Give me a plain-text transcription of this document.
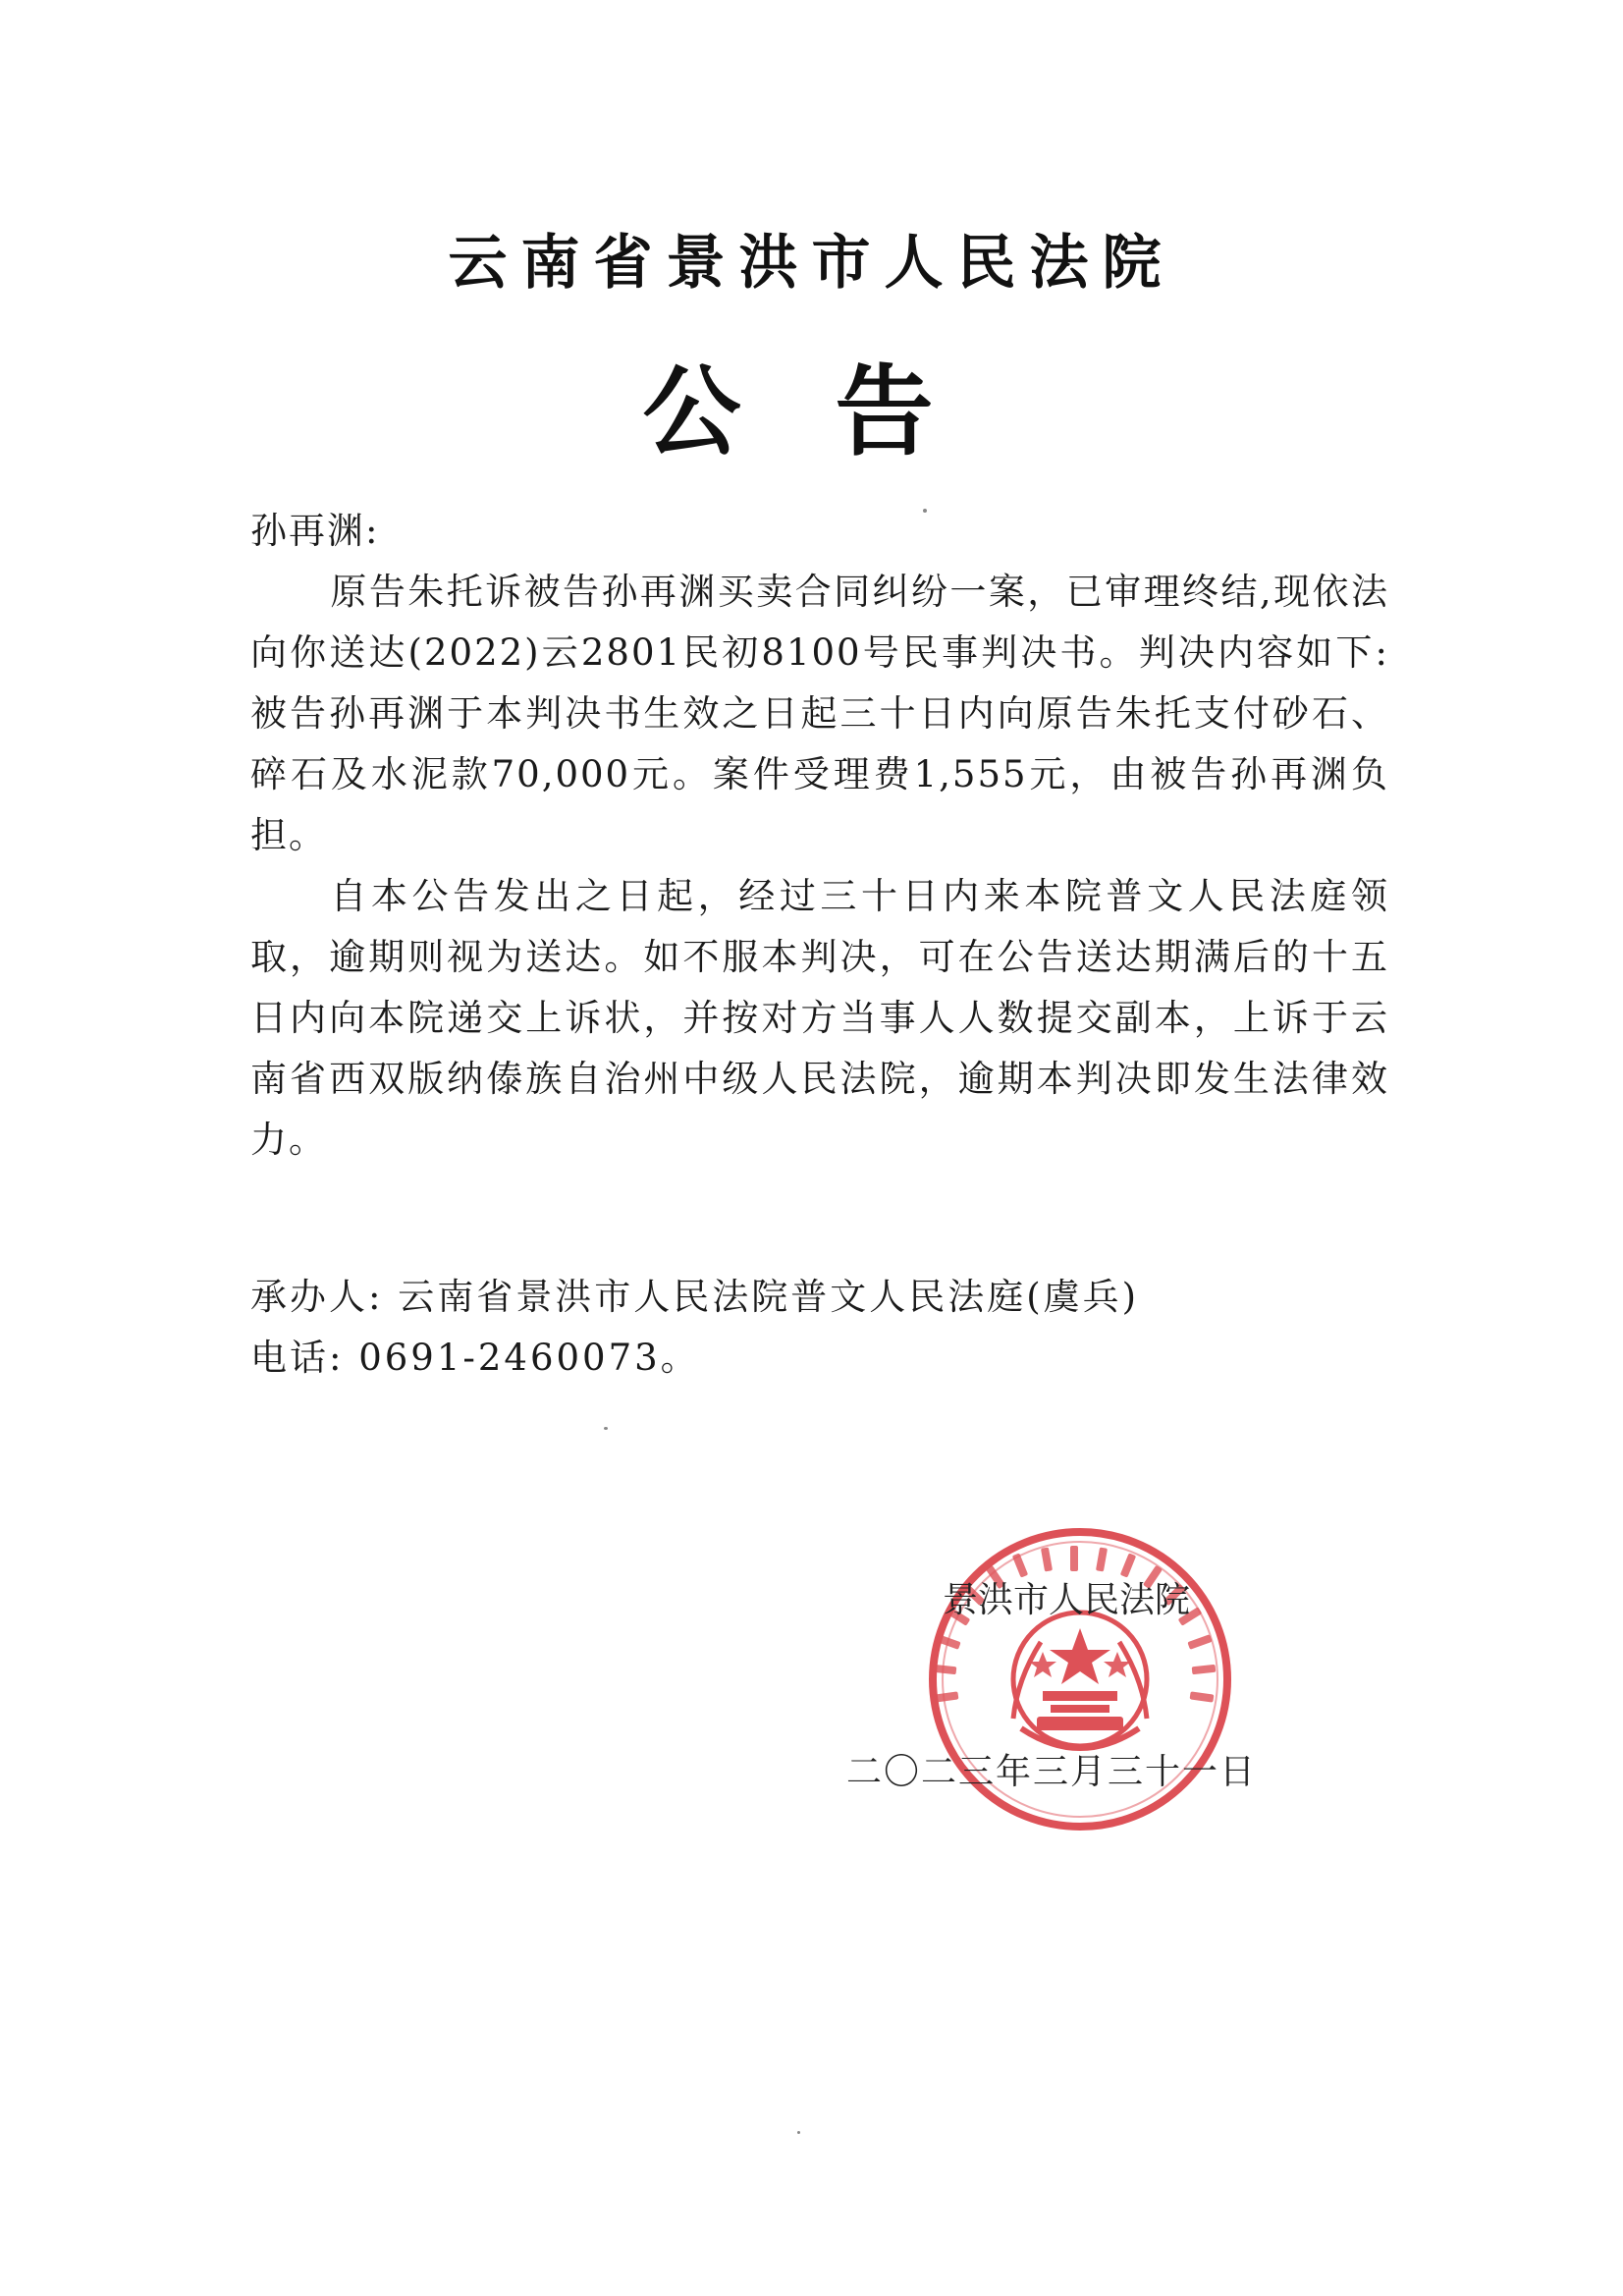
云南省景洪市人民法院
公告

孙再渊:

原告朱托诉被告孙再渊买卖合同纠纷一案，已审理终结,现依法向你送达(2022)云2801民初8100号民事判决书。判决内容如下:被告孙再渊于本判决书生效之日起三十日内向原告朱托支付砂石、碎石及水泥款70,000元。案件受理费1,555元，由被告孙再渊负担。

自本公告发出之日起，经过三十日内来本院普文人民法庭领取，逾期则视为送达。如不服本判决，可在公告送达期满后的十五日内向本院递交上诉状，并按对方当事人人数提交副本，上诉于云南省西双版纳傣族自治州中级人民法院，逾期本判决即发生法律效力。

承办人: 云南省景洪市人民法院普文人民法庭(虞兵)
电话: 0691-2460073。
景洪市人民法院
二〇二三年三月三十一日
